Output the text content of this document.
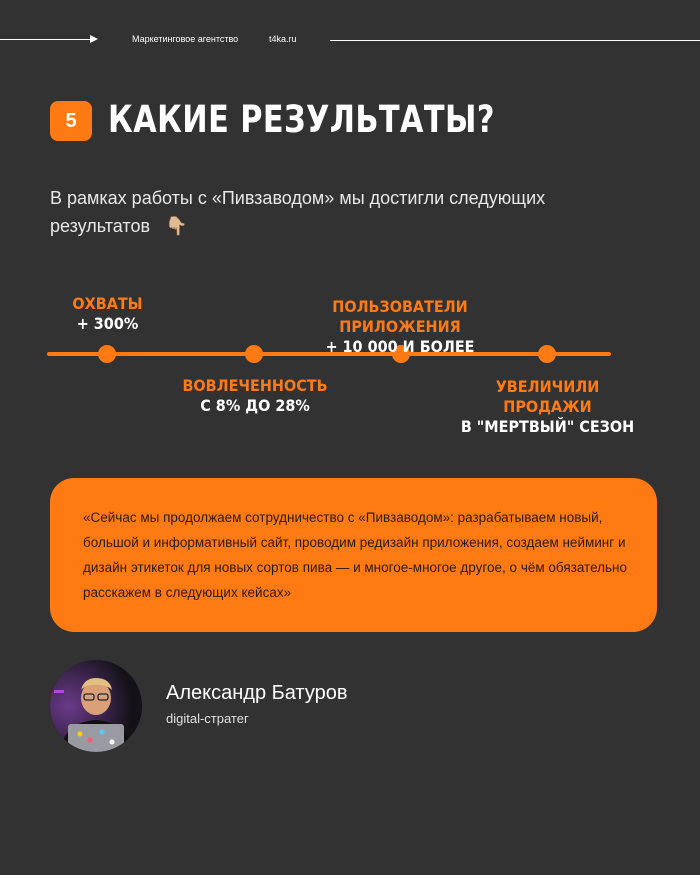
Маркетинговое агентство	t4ka.ru
5 КАКИЕ РЕЗУЛЬТАТЫ?
В рамках работы с «Пивзаводом» мы достигли следующих результатов 👇🏼
ОХВАТЫ
+ 300%
ВОВЛЕЧЕННОСТЬ
С 8% ДО 28%
ПОЛЬЗОВАТЕЛИ ПРИЛОЖЕНИЯ
+ 10 000 И БОЛЕЕ
УВЕЛИЧИЛИ ПРОДАЖИ
В "МЕРТВЫЙ" СЕЗОН
«Сейчас мы продолжаем сотрудничество с «Пивзаводом»: разрабатываем новый, большой и информативный сайт, проводим редизайн приложения, создаем нейминг и дизайн этикеток для новых сортов пива — и многое-многое другое, о чём обязательно расскажем в следующих кейсах»
Александр Батуров
digital-стратег
